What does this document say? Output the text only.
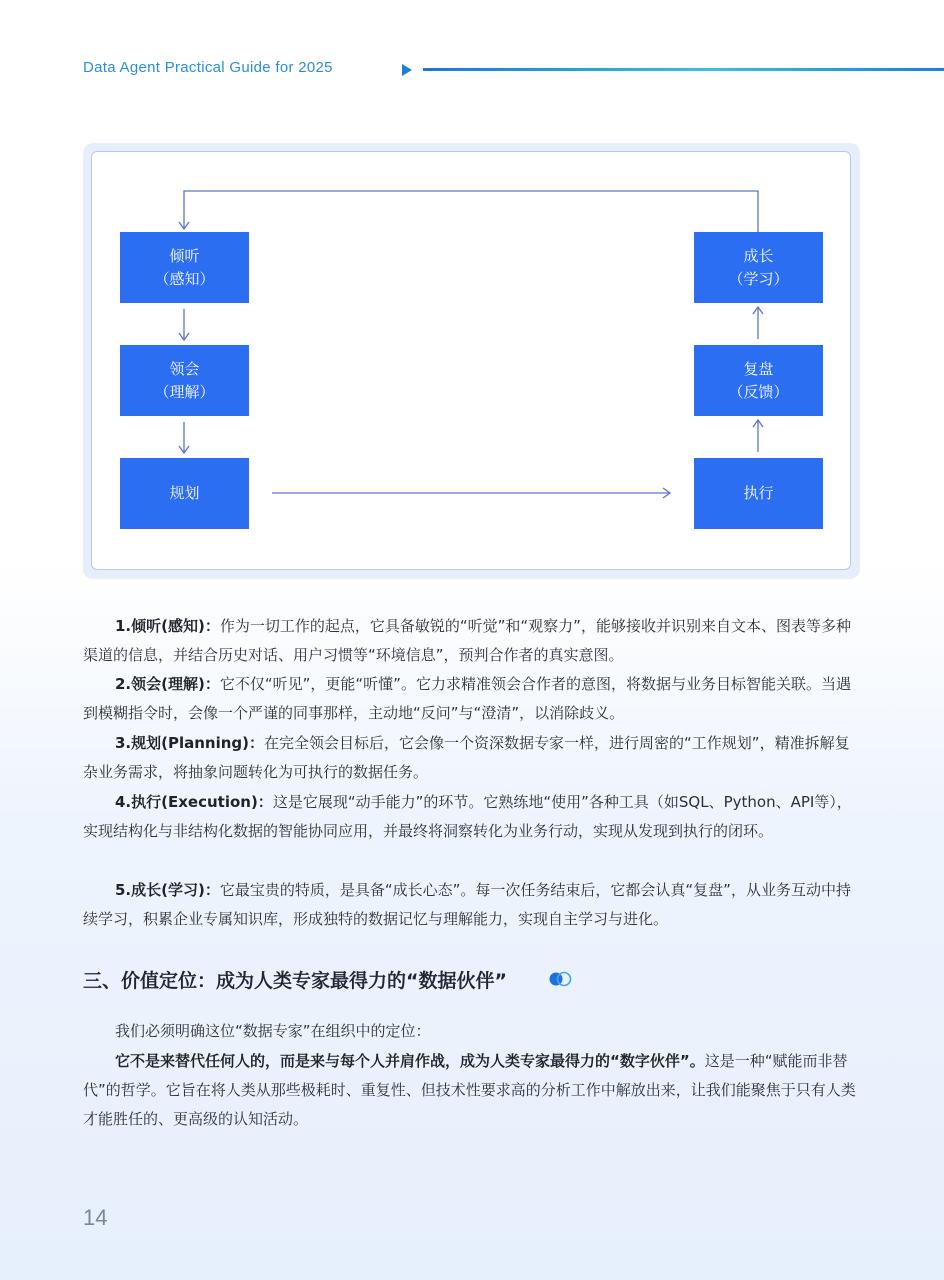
Data Agent Practical Guide for 2025
倾听
（感知）
领会
（理解）
规划	执行
复盘
（反馈）
成长
（学习）

1.倾听(感知)：作为一切工作的起点，它具备敏锐的“听觉”和“观察力”，能够接收并识别来自文本、图表等多种渠道的信息，并结合历史对话、用户习惯等“环境信息”，预判合作者的真实意图。

2.领会(理解)：它不仅“听见”，更能“听懂”。它力求精准领会合作者的意图，将数据与业务目标智能关联。当遇到模糊指令时，会像一个严谨的同事那样，主动地“反问”与“澄清”，以消除歧义。

3.规划(Planning)：在完全领会目标后，它会像一个资深数据专家一样，进行周密的“工作规划”，精准拆解复杂业务需求，将抽象问题转化为可执行的数据任务。

4.执行(Execution)：这是它展现“动手能力”的环节。它熟练地“使用”各种工具（如SQL、Python、API等），实现结构化与非结构化数据的智能协同应用，并最终将洞察转化为业务行动，实现从发现到执行的闭环。

5.成长(学习)：它最宝贵的特质，是具备“成长心态”。每一次任务结束后，它都会认真“复盘”，从业务互动中持续学习，积累企业专属知识库，形成独特的数据记忆与理解能力，实现自主学习与进化。

三、价值定位：成为人类专家最得力的“数据伙伴”

我们必须明确这位“数据专家”在组织中的定位：

它不是来替代任何人的，而是来与每个人并肩作战，成为人类专家最得力的“数字伙伴”。这是一种“赋能而非替代”的哲学。它旨在将人类从那些极耗时、重复性、但技术性要求高的分析工作中解放出来，让我们能聚焦于只有人类才能胜任的、更高级的认知活动。

14
